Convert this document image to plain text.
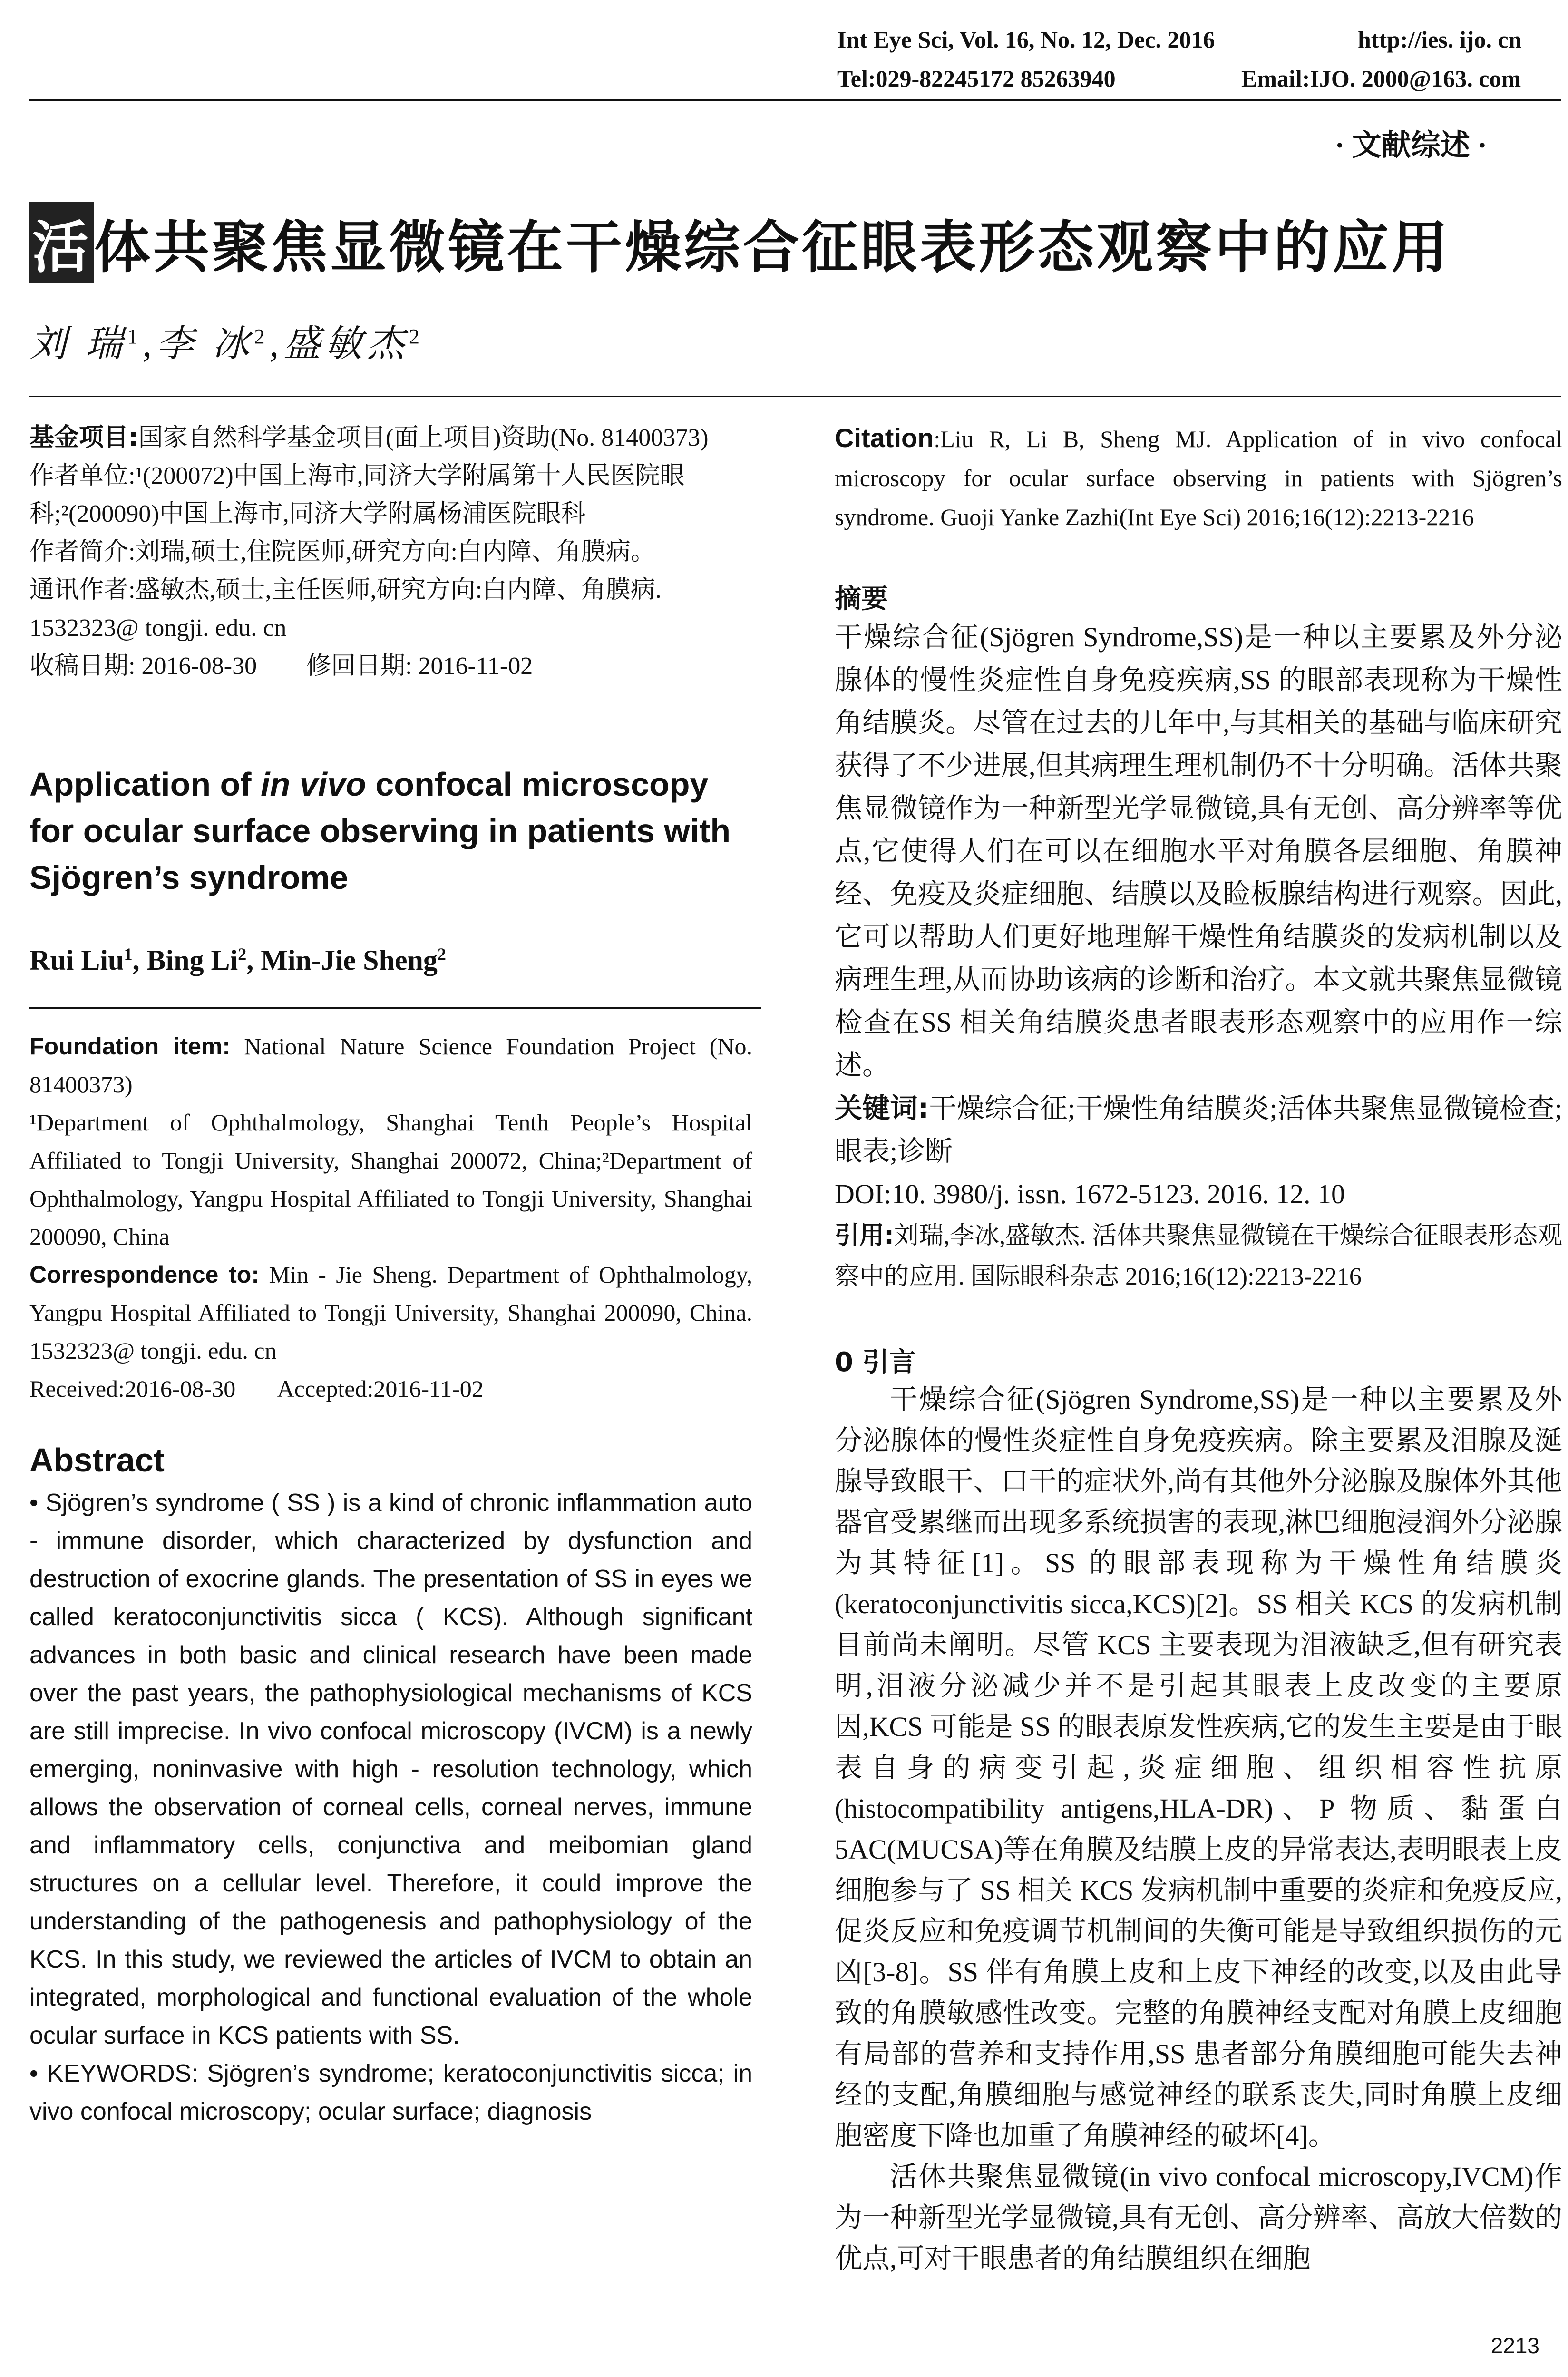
Int Eye Sci, Vol. 16, No. 12, Dec. 2016	http://ies. ijo. cn
Tel:029-82245172 85263940	Email:IJO. 2000@163. com
· 文献综述 ·
活体共聚焦显微镜在干燥综合征眼表形态观察中的应用
刘 瑞$^1$,李 冰$^2$,盛敏杰$^2$
基金项目:国家自然科学基金项目(面上项目)资助(No. 81400373)
作者单位:¹(200072)中国上海市,同济大学附属第十人民医院眼科;²(200090)中国上海市,同济大学附属杨浦医院眼科
作者简介:刘瑞,硕士,住院医师,研究方向:白内障、角膜病。
通讯作者:盛敏杰,硕士,主任医师,研究方向:白内障、角膜病. 1532323@ tongji. edu. cn
收稿日期: 2016-08-30 修回日期: 2016-11-02
Application of in vivo confocal microscopy for ocular surface observing in patients with Sjögren’s syndrome
Rui Liu$^1$, Bing Li$^2$, Min-Jie Sheng$^2$
Foundation item: National Nature Science Foundation Project (No. 81400373)
¹Department of Ophthalmology, Shanghai Tenth People’s Hospital Affiliated to Tongji University, Shanghai 200072, China;²Department of Ophthalmology, Yangpu Hospital Affiliated to Tongji University, Shanghai 200090, China
Correspondence to: Min - Jie Sheng. Department of Ophthalmology, Yangpu Hospital Affiliated to Tongji University, Shanghai 200090, China. 1532323@ tongji. edu. cn
Received:2016-08-30 Accepted:2016-11-02
Abstract
• Sjögren’s syndrome ( SS ) is a kind of chronic inflammation auto - immune disorder, which characterized by dysfunction and destruction of exocrine glands. The presentation of SS in eyes we called keratoconjunctivitis sicca ( KCS). Although significant advances in both basic and clinical research have been made over the past years, the pathophysiological mechanisms of KCS are still imprecise. In vivo confocal microscopy (IVCM) is a newly emerging, noninvasive with high - resolution technology, which allows the observation of corneal cells, corneal nerves, immune and inflammatory cells, conjunctiva and meibomian gland structures on a cellular level. Therefore, it could improve the understanding of the pathogenesis and pathophysiology of the KCS. In this study, we reviewed the articles of IVCM to obtain an integrated, morphological and functional evaluation of the whole ocular surface in KCS patients with SS.
• KEYWORDS: Sjögren’s syndrome; keratoconjunctivitis sicca; in vivo confocal microscopy; ocular surface; diagnosis
Citation:Liu R, Li B, Sheng MJ. Application of in vivo confocal microscopy for ocular surface observing in patients with Sjögren’s syndrome. Guoji Yanke Zazhi(Int Eye Sci) 2016;16(12):2213-2216
摘要
干燥综合征(Sjögren Syndrome,SS)是一种以主要累及外分泌腺体的慢性炎症性自身免疫疾病,SS 的眼部表现称为干燥性角结膜炎。尽管在过去的几年中,与其相关的基础与临床研究获得了不少进展,但其病理生理机制仍不十分明确。活体共聚焦显微镜作为一种新型光学显微镜,具有无创、高分辨率等优点,它使得人们在可以在细胞水平对角膜各层细胞、角膜神经、免疫及炎症细胞、结膜以及睑板腺结构进行观察。因此,它可以帮助人们更好地理解干燥性角结膜炎的发病机制以及病理生理,从而协助该病的诊断和治疗。本文就共聚焦显微镜检查在SS 相关角结膜炎患者眼表形态观察中的应用作一综述。
关键词:干燥综合征;干燥性角结膜炎;活体共聚焦显微镜检查;眼表;诊断
DOI:10. 3980/j. issn. 1672-5123. 2016. 12. 10
引用:刘瑞,李冰,盛敏杰. 活体共聚焦显微镜在干燥综合征眼表形态观察中的应用. 国际眼科杂志 2016;16(12):2213-2216
0 引言
干燥综合征(Sjögren Syndrome,SS)是一种以主要累及外分泌腺体的慢性炎症性自身免疫疾病。除主要累及泪腺及涎腺导致眼干、口干的症状外,尚有其他外分泌腺及腺体外其他器官受累继而出现多系统损害的表现,淋巴细胞浸润外分泌腺为其特征[1]。SS 的眼部表现称为干燥性角结膜炎(keratoconjunctivitis sicca,KCS)[2]。SS 相关 KCS 的发病机制目前尚未阐明。尽管 KCS 主要表现为泪液缺乏,但有研究表明,泪液分泌减少并不是引起其眼表上皮改变的主要原因,KCS 可能是 SS 的眼表原发性疾病,它的发生主要是由于眼表自身的病变引起,炎症细胞、组织相容性抗原(histocompatibility antigens,HLA-DR)、P 物质、黏蛋白 5AC(MUCSA)等在角膜及结膜上皮的异常表达,表明眼表上皮细胞参与了 SS 相关 KCS 发病机制中重要的炎症和免疫反应,促炎反应和免疫调节机制间的失衡可能是导致组织损伤的元凶[3-8]。SS 伴有角膜上皮和上皮下神经的改变,以及由此导致的角膜敏感性改变。完整的角膜神经支配对角膜上皮细胞有局部的营养和支持作用,SS 患者部分角膜细胞可能失去神经的支配,角膜细胞与感觉神经的联系丧失,同时角膜上皮细胞密度下降也加重了角膜神经的破坏[4]。
活体共聚焦显微镜(in vivo confocal microscopy,IVCM)作为一种新型光学显微镜,具有无创、高分辨率、高放大倍数的优点,可对干眼患者的角结膜组织在细胞
2213
